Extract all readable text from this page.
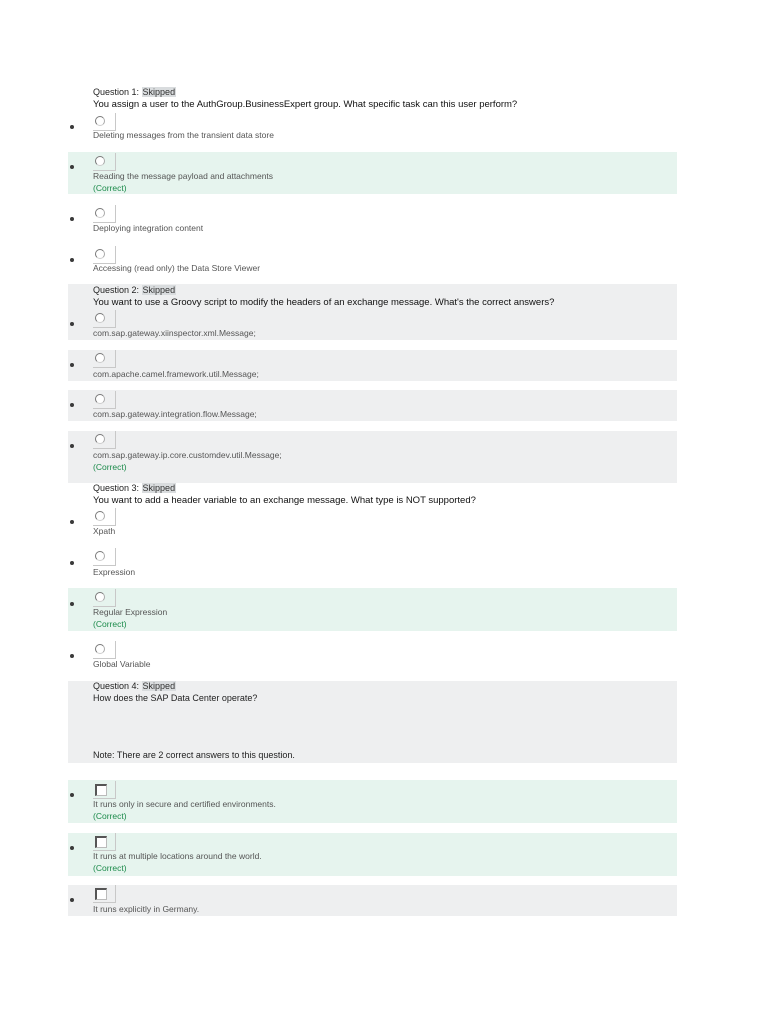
Question 1: Skipped
You assign a user to the AuthGroup.BusinessExpert group. What specific task can this user perform?
Deleting messages from the transient data store
Reading the message payload and attachments
(Correct)
Deploying integration content
Accessing (read only) the Data Store Viewer
Question 2: Skipped
You want to use a Groovy script to modify the headers of an exchange message. What's the correct answers?
com.sap.gateway.xiinspector.xml.Message;
com.apache.camel.framework.util.Message;
com.sap.gateway.integration.flow.Message;
com.sap.gateway.ip.core.customdev.util.Message;
(Correct)
Question 3: Skipped
You want to add a header variable to an exchange message. What type is NOT supported?
Xpath
Expression
Regular Expression
(Correct)
Global Variable
Question 4: Skipped
How does the SAP Data Center operate?
Note: There are 2 correct answers to this question.
It runs only in secure and certified environments.
(Correct)
It runs at multiple locations around the world.
(Correct)
It runs explicitly in Germany.
